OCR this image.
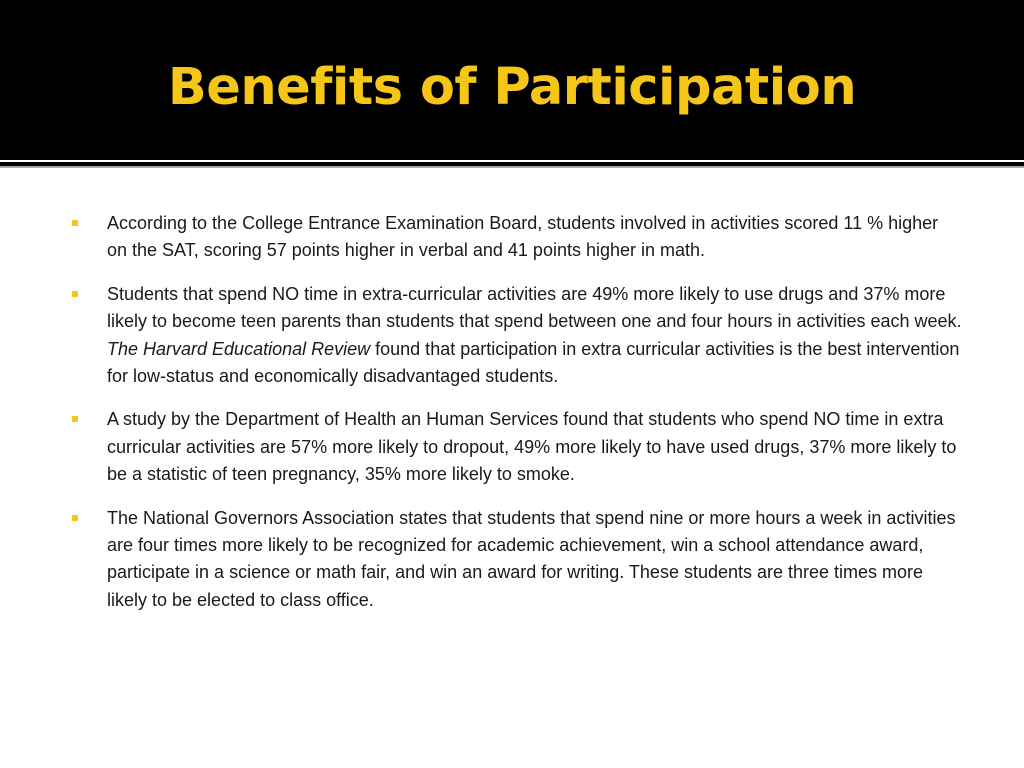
Benefits of Participation
According to the College Entrance Examination Board, students involved in activities scored 11 % higher on the SAT, scoring 57 points higher in verbal and 41 points higher in math.
Students that spend NO time in extra-curricular activities are 49% more likely to use drugs and 37% more likely to become teen parents than students that spend between one and four hours in activities each week. The Harvard Educational Review found that participation in extra curricular activities is the best intervention for low-status and economically disadvantaged students.
A study by the Department of Health an Human Services found that students who spend NO time in extra curricular activities are 57% more likely to dropout, 49% more likely to have used drugs, 37% more likely to be a statistic of teen pregnancy, 35% more likely to smoke.
The National Governors Association states that students that spend nine or more hours a week in activities are four times more likely to be recognized for academic achievement, win a school attendance award, participate in a science or math fair, and win an award for writing. These students are three times more likely to be elected to class office.
